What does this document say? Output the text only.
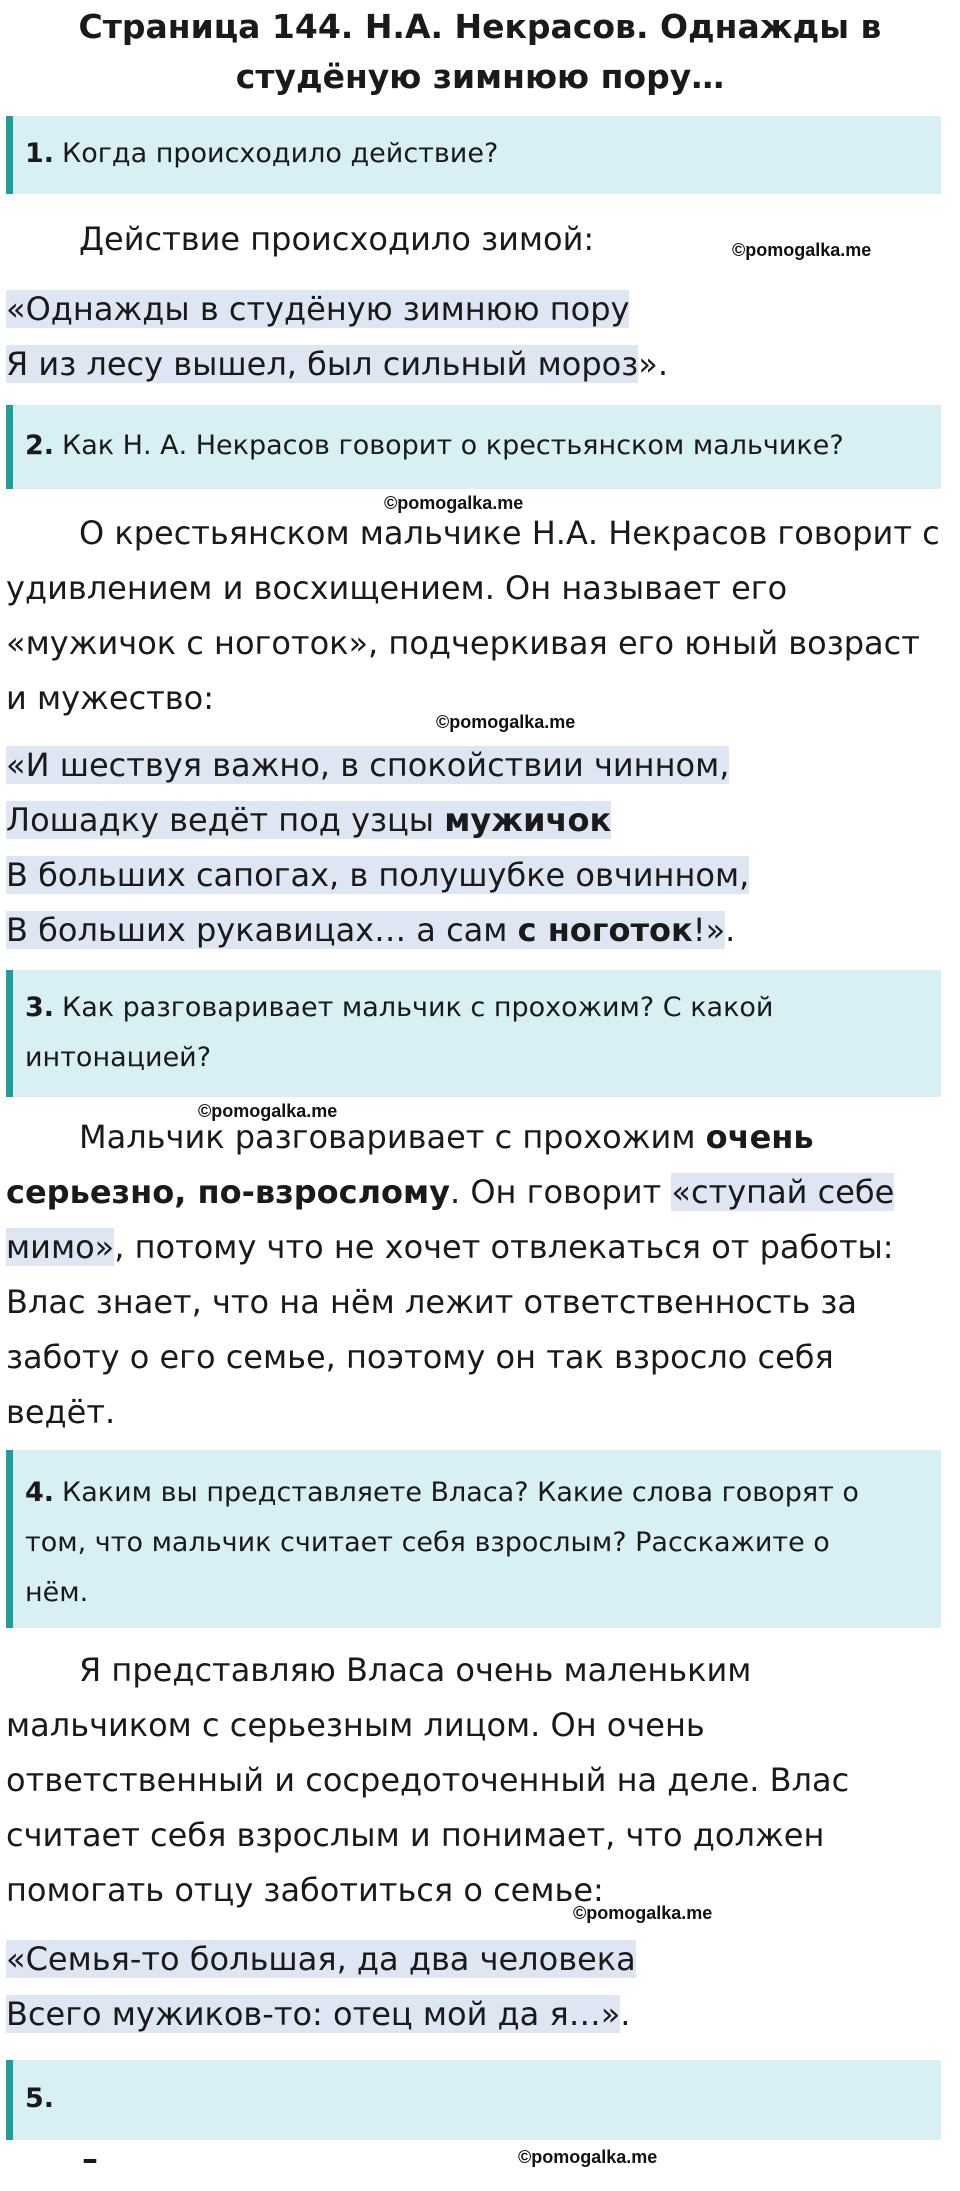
Страница 144. Н.А. Некрасов. Однажды в студёную зимнюю пору…
1. Когда происходило действие?

Действие происходило зимой:	©pomogalka.me

«Однажды в студёную зимнюю пору
Я из лесу вышел, был сильный мороз».

2. Как Н. А. Некрасов говорит о крестьянском мальчике?
©pomogalka.me

О крестьянском мальчике Н.А. Некрасов говорит с
удивлением и восхищением. Он называет его
«мужичок с ноготок», подчеркивая его юный возраст
и мужество:

©pomogalka.me

«И шествуя важно, в спокойствии чинном,
Лошадку ведёт под узцы мужичок
В больших сапогах, в полушубке овчинном,
В больших рукавицах… а сам с ноготок!».

3. Как разговаривает мальчик с прохожим? С какой
интонацией?
©pomogalka.me

Мальчик разговаривает с прохожим очень
серьезно, по-взрослому. Он говорит «ступай себе
мимо», потому что не хочет отвлекаться от работы:
Влас знает, что на нём лежит ответственность за
заботу о его семье, поэтому он так взросло себя
ведёт.

4. Каким вы представляете Власа? Какие слова говорят о
том, что мальчик считает себя взрослым? Расскажите о
нём.

Я представляю Власа очень маленьким
мальчиком с серьезным лицом. Он очень
ответственный и сосредоточенный на деле. Влас
считает себя взрослым и понимает, что должен
помогать отцу заботиться о семье:

©pomogalka.me

«Семья-то большая, да два человека
Всего мужиков-то: отец мой да я…».

5.
©pomogalka.me
–
